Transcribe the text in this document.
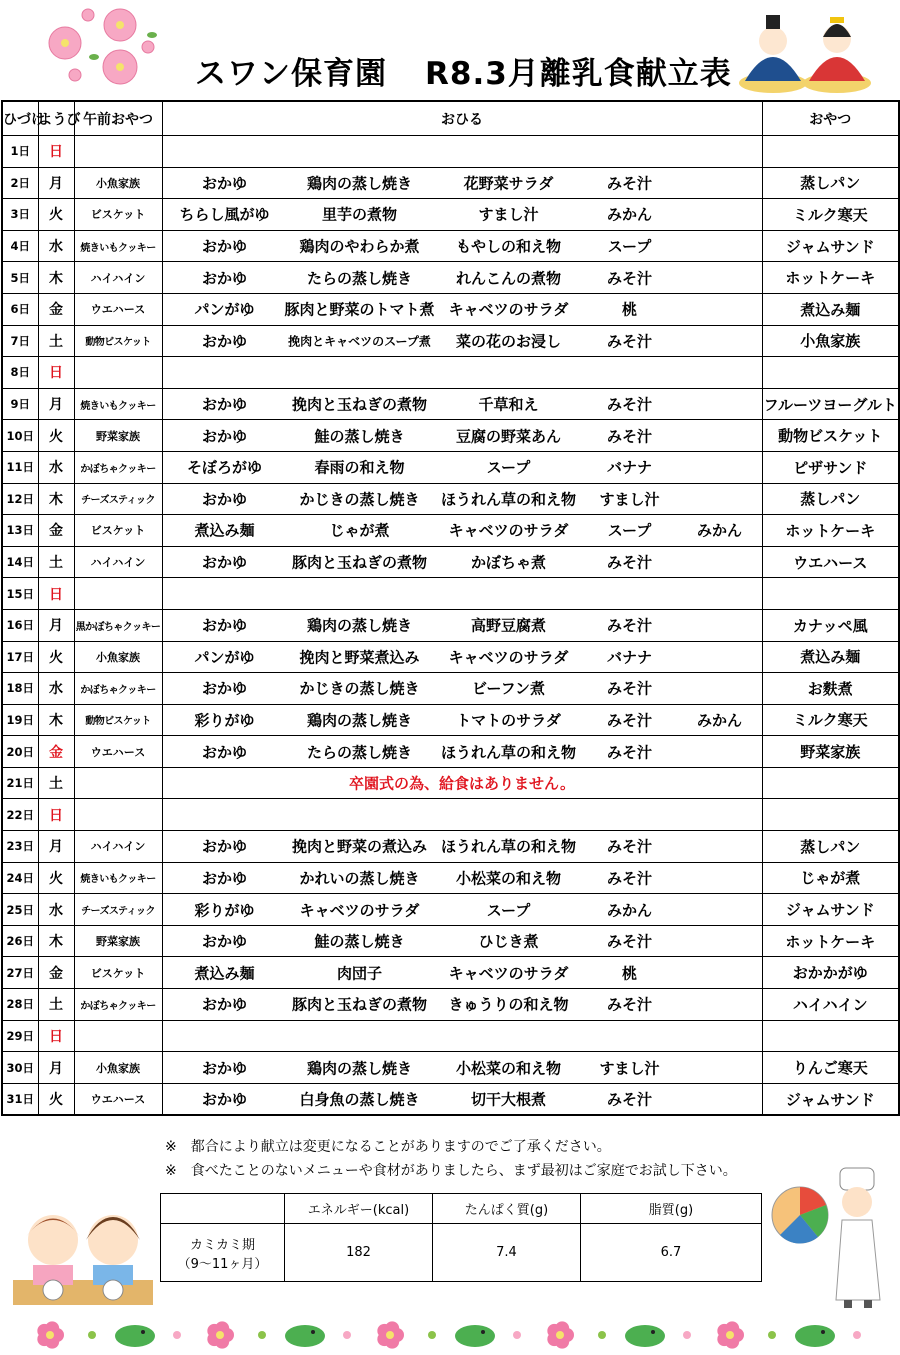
スワン保育園 R8.3月離乳食献立表
ひづけ	ようび	午前おやつ	おひる	おやつ
1日	日		

2日	月	小魚家族	おかゆ 鶏肉の蒸し焼き 花野菜サラダ みそ汁	蒸しパン
3日	火	ビスケット	ちらし風がゆ 里芋の煮物 すまし汁 みかん	ミルク寒天
4日	水	焼きいもクッキー	おかゆ 鶏肉のやわらか煮 もやしの和え物 スープ	ジャムサンド
5日	木	ハイハイン	おかゆ たらの蒸し焼き れんこんの煮物 みそ汁	ホットケーキ
6日	金	ウエハース	パンがゆ 豚肉と野菜のトマト煮 キャベツのサラダ 桃	煮込み麺
7日	土	動物ビスケット	おかゆ 挽肉とキャベツのスープ煮 菜の花のお浸し みそ汁	小魚家族
8日	日		

9日	月	焼きいもクッキー	おかゆ 挽肉と玉ねぎの煮物 千草和え みそ汁	フルーツヨーグルト
10日	火	野菜家族	おかゆ 鮭の蒸し焼き 豆腐の野菜あん みそ汁	動物ビスケット
11日	水	かぼちゃクッキー	そぼろがゆ 春雨の和え物 スープ バナナ	ピザサンド
12日	木	チーズスティック	おかゆ かじきの蒸し焼き ほうれん草の和え物 すまし汁	蒸しパン
13日	金	ビスケット	煮込み麺 じゃが煮 キャベツのサラダ スープ みかん	ホットケーキ
14日	土	ハイハイン	おかゆ 豚肉と玉ねぎの煮物 かぼちゃ煮 みそ汁	ウエハース
15日	日		

16日	月	黒かぼちゃクッキー	おかゆ 鶏肉の蒸し焼き 高野豆腐煮 みそ汁	カナッペ風
17日	火	小魚家族	パンがゆ 挽肉と野菜煮込み キャベツのサラダ バナナ	煮込み麺
18日	水	かぼちゃクッキー	おかゆ かじきの蒸し焼き ビーフン煮 みそ汁	お麩煮
19日	木	動物ビスケット	彩りがゆ 鶏肉の蒸し焼き トマトのサラダ みそ汁 みかん	ミルク寒天
20日	金	ウエハース	おかゆ たらの蒸し焼き ほうれん草の和え物 みそ汁	野菜家族
21日	土		卒園式の為、給食はありません。	

22日	日		

23日	月	ハイハイン	おかゆ 挽肉と野菜の煮込み ほうれん草の和え物 みそ汁	蒸しパン
24日	火	焼きいもクッキー	おかゆ かれいの蒸し焼き 小松菜の和え物 みそ汁	じゃが煮
25日	水	チーズスティック	彩りがゆ キャベツのサラダ スープ みかん	ジャムサンド
26日	木	野菜家族	おかゆ 鮭の蒸し焼き ひじき煮 みそ汁	ホットケーキ
27日	金	ビスケット	煮込み麺 肉団子 キャベツのサラダ 桃	おかかがゆ
28日	土	かぼちゃクッキー	おかゆ 豚肉と玉ねぎの煮物 きゅうりの和え物 みそ汁	ハイハイン
29日	日		

30日	月	小魚家族	おかゆ 鶏肉の蒸し焼き 小松菜の和え物 すまし汁	りんご寒天
31日	火	ウエハース	おかゆ 白身魚の蒸し焼き 切干大根煮 みそ汁	ジャムサンド
※　都合により献立は変更になることがありますのでご了承ください。
※　食べたことのないメニューや食材がありましたら、まず最初はご家庭でお試し下さい。
	エネルギー(kcal)	たんぱく質(g)	脂質(g)

カミカミ期
（9～11ヶ月）	182	7.4	6.7
